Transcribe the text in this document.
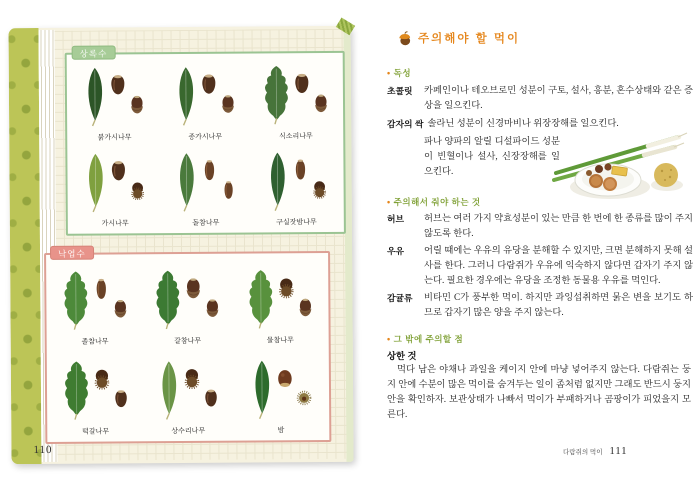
붉가시나무	종가시나무	식소리나무
가시나무	돌참나무	구실잣밤나무
상록수
졸참나무	갈참나무	물참나무
떡갈나무	상수리나무	밤
낙엽수
110
주의해야 할 먹이
• 독성
초콜릿	카페인이나 테오브로민 성분이 구토, 설사, 흥분, 혼수상태와 같은 증상을 일으킨다.
감자의 싹 솔라닌 성분이 신경마비나 위장장해를 일으킨다.
파나 양파의 알릴 디설파이드 성분이 빈혈이나 설사, 신장장해를 일으킨다.
• 주의해서 줘야 하는 것
허브	허브는 여러 가지 약효성분이 있는 만큼 한 번에 한 종류를 많이 주지 않도록 한다.
우유	어릴 때에는 우유의 유당을 분해할 수 있지만, 크면 분해하지 못해 설사를 한다. 그러니 다람쥐가 우유에 익숙하지 않다면 갑자기 주지 않는다. 필요한 경우에는 유당을 조정한 동물용 우유를 먹인다.
감귤류	비타민 C가 풍부한 먹이. 하지만 과잉섭취하면 묽은 변을 보기도 하므로 갑자기 많은 양을 주지 않는다.
• 그 밖에 주의할 점
상한 것
먹다 남은 야채나 과일을 케이지 안에 마냥 넣어주지 않는다. 다람쥐는 둥지 안에 수분이 많은 먹이를 숨겨두는 일이 좀처럼 없지만 그래도 반드시 둥지 안을 확인하자. 보관상태가 나빠서 먹이가 부패하거나 곰팡이가 피었을지 모른다.
다람쥐의 먹이 111
